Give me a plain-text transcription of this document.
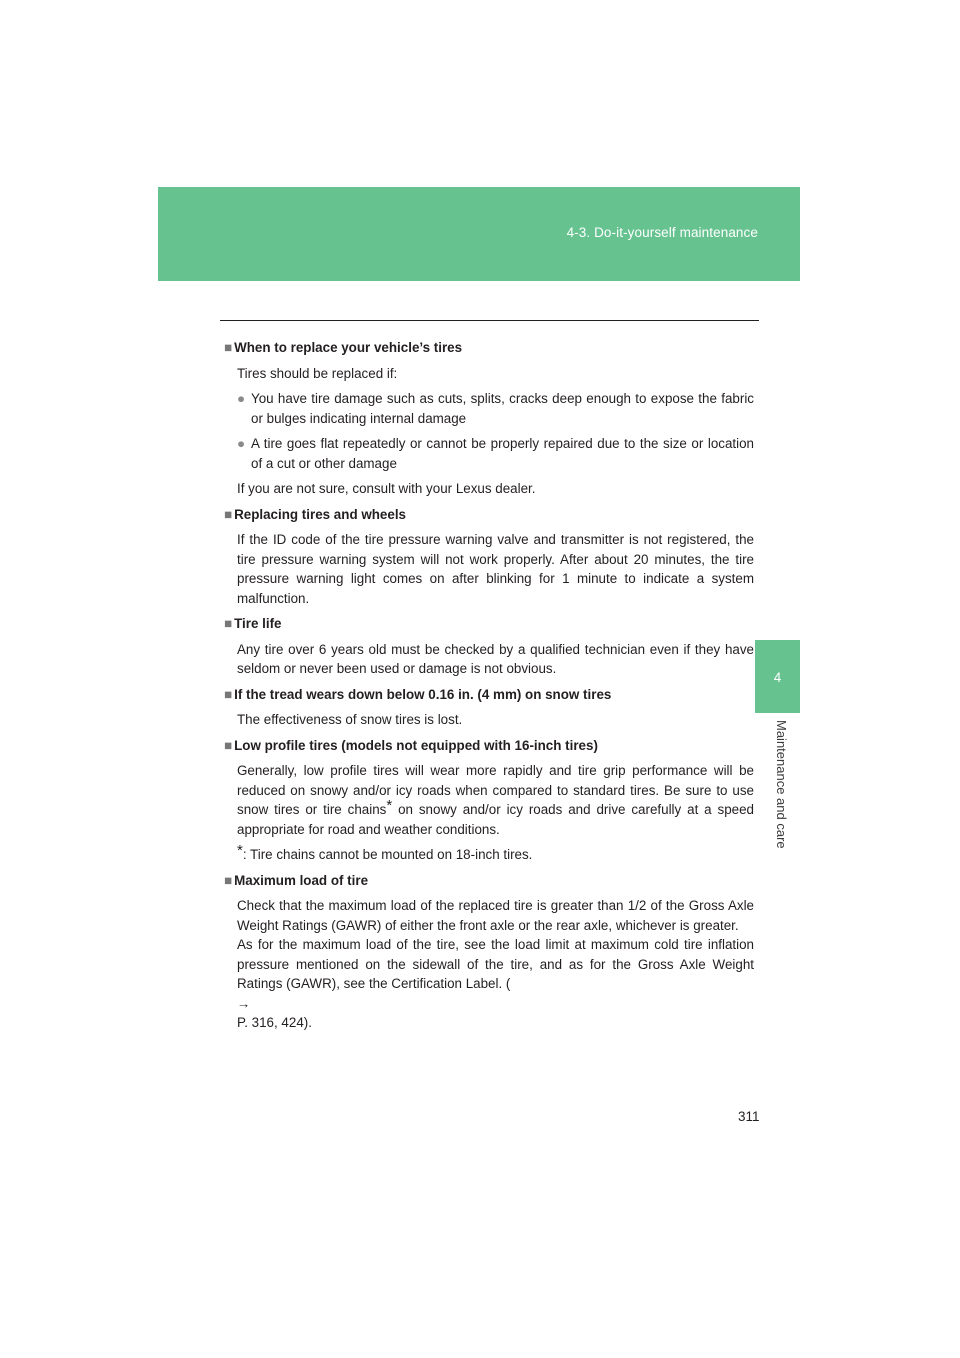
4-3. Do-it-yourself maintenance
4
Maintenance and care
■ When to replace your vehicle’s tires
Tires should be replaced if:
● You have tire damage such as cuts, splits, cracks deep enough to expose the fabric or bulges indicating internal damage
● A tire goes flat repeatedly or cannot be properly repaired due to the size or location of a cut or other damage
If you are not sure, consult with your Lexus dealer.
■ Replacing tires and wheels
If the ID code of the tire pressure warning valve and transmitter is not registered, the tire pressure warning system will not work properly. After about 20 minutes, the tire pressure warning light comes on after blinking for 1 minute to indicate a system malfunction.
■ Tire life
Any tire over 6 years old must be checked by a qualified technician even if they have seldom or never been used or damage is not obvious.
■ If the tread wears down below 0.16 in. (4 mm) on snow tires
The effectiveness of snow tires is lost.
■ Low profile tires (models not equipped with 16-inch tires)
Generally, low profile tires will wear more rapidly and tire grip performance will be reduced on snowy and/or icy roads when compared to standard tires. Be sure to use snow tires or tire chains* on snowy and/or icy roads and drive carefully at a speed appropriate for road and weather conditions.
*: Tire chains cannot be mounted on 18-inch tires.
■ Maximum load of tire
Check that the maximum load of the replaced tire is greater than 1/2 of the Gross Axle Weight Ratings (GAWR) of either the front axle or the rear axle, whichever is greater.
As for the maximum load of the tire, see the load limit at maximum cold tire inflation pressure mentioned on the sidewall of the tire, and as for the Gross Axle Weight Ratings (GAWR), see the Certification Label. (
→
P. 316, 424).
311
